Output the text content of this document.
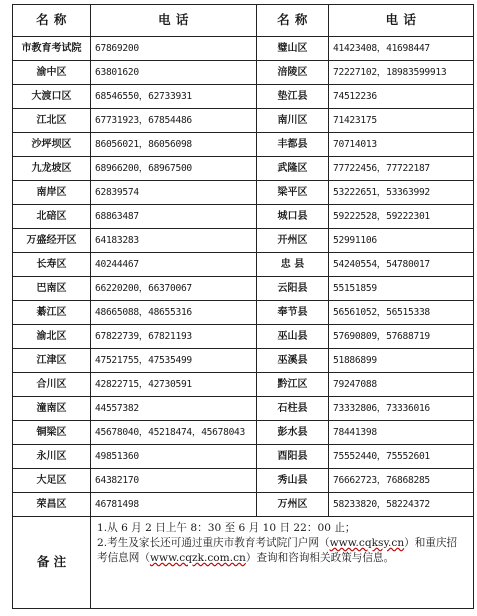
名 称	电 话	名 称	电 话
市教育考试院	67869200	璧山区	41423408，41698447
渝中区	63801620	涪陵区	72227102，18983599913
大渡口区	68546550，62733931	垫江县	74512236
江北区	67731923，67854486	南川区	71423175
沙坪坝区	86056021，86056098	丰都县	70714013
九龙坡区	68966200，68967500	武隆区	77722456，77722187
南岸区	62839574	梁平区	53222651，53363992
北碚区	68863487	城口县	59222528，59222301
万盛经开区	64183283	开州区	52991106
长寿区	40244467	忠 县	54240554，54780017
巴南区	66220200，66370067	云阳县	55151859
綦江区	48665088，48655316	奉节县	56561052，56515338
渝北区	67822739，67821193	巫山县	57690809，57688719
江津区	47521755，47535499	巫溪县	51886899
合川区	42822715，42730591	黔江区	79247088
潼南区	44557382	石柱县	73332806，73336016
铜梁区	45678040，45218474，45678043	彭水县	78441398
永川区	49851360	酉阳县	75552440，75552601
大足区	64382170	秀山县	76662723，76868285
荣昌区	46781498	万州区	58233820，58224372
备 注	1.从 6 月 2 日上午 8：30 至 6 月 10 日 22：00 止；
2.考生及家长还可通过重庆市教育考试院门户网（www.cqksy.cn）和重庆招考信息网（www.cqzk.com.cn）查询和咨询相关政策与信息。		
